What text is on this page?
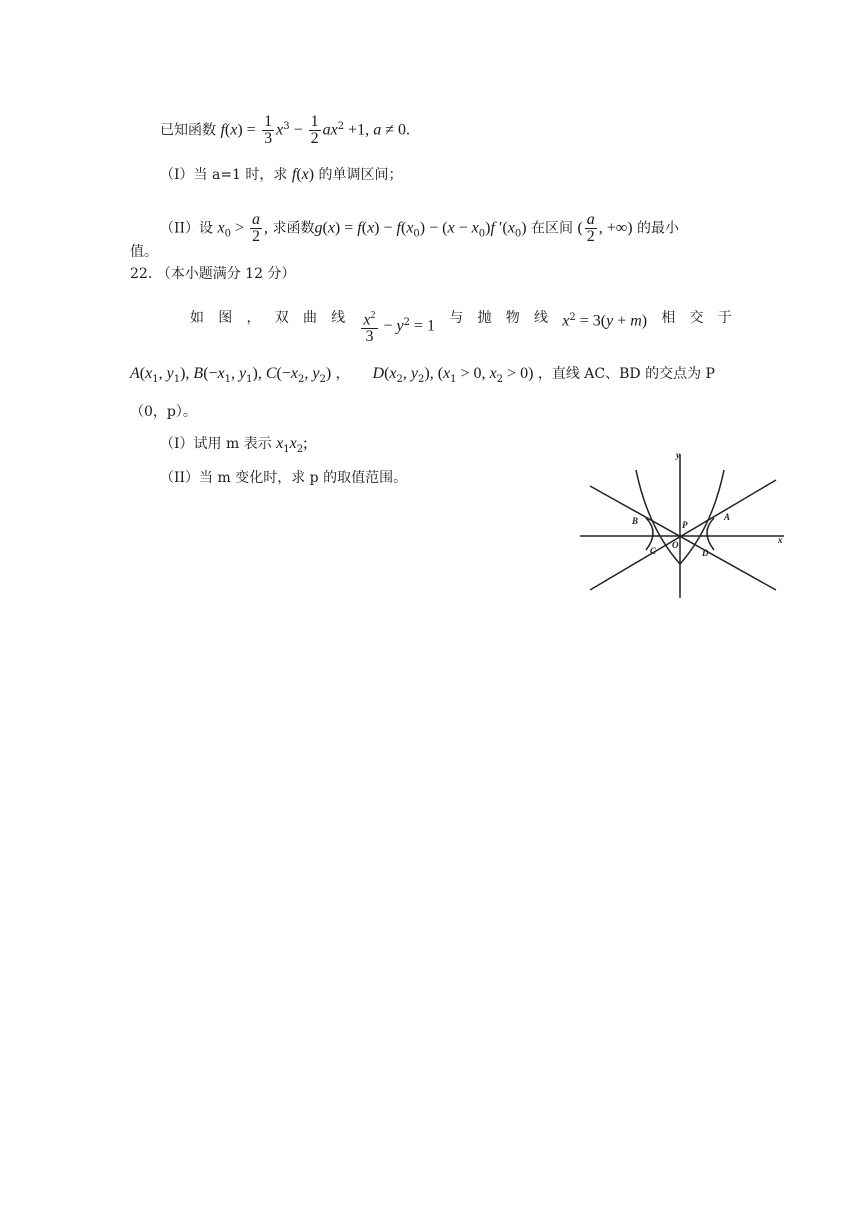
已知函数 $f(x) = \frac{1}{3} x^3 - \frac{1}{2} ax^2 +1$, a ≠ 0.
（I）当 a=1 时，求 f(x) 的单调区间；
（II）设 $x_0 > \frac{a}{2}$ , 求函数$g(x) = f(x) - f(x_0) - (x - x_0)f$ $'(x_0)$ 在区间 ( $\frac{a}{2}$ , +∞) 的最小
值。
22. （本小题满分 12 分）
如 图 ， 双 曲 线 $\frac{x^2}{3} - y^2 = 1$ 与 抛 物 线 $x^2 = 3(y + m)$ 相 交 于
$A(x_1$, $y_1$), $B(-x_1$, $y_1$), $C(-x_2$, $y_2$) ， $D(x_2$, $y_2$), ($x_1 > 0$, $x_2 > 0$) ，直线 AC、BD 的交点为 P
（0，p）。
（I）试用 m 表示 $x_1x_2$;
（II）当 m 变化时，求 p 的取值范围。
y
x
A
B
C	D
O
P
